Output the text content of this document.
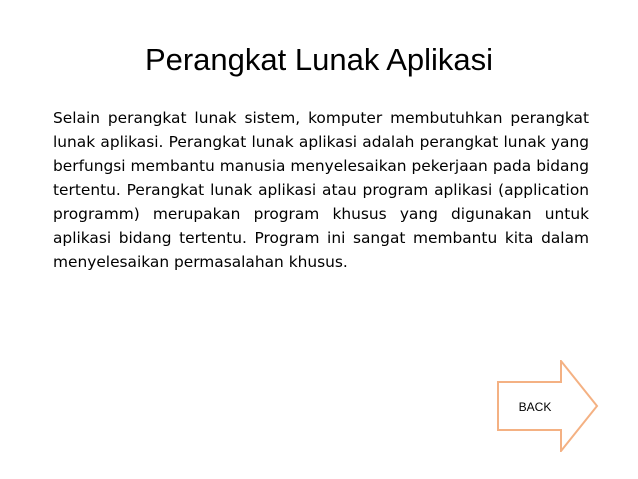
Perangkat Lunak Aplikasi

Selain perangkat lunak sistem, komputer membutuhkan perangkat lunak aplikasi. Perangkat lunak aplikasi adalah perangkat lunak yang berfungsi membantu manusia menyelesaikan pekerjaan pada bidang tertentu. Perangkat lunak aplikasi atau program aplikasi (application programm) merupakan program khusus yang digunakan untuk aplikasi bidang tertentu. Program ini sangat membantu kita dalam menyelesaikan permasalahan khusus.

BACK
